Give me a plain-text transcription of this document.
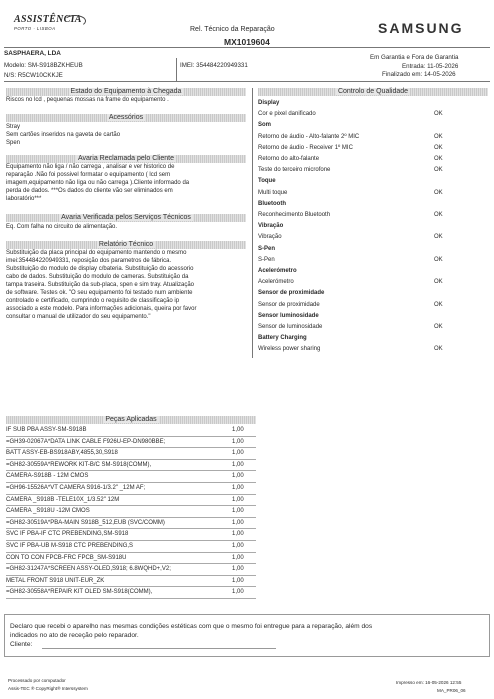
ASSISTÊNCIA
PORTO · LISBOA	Rel. Técnico da Reparação
MX1019604
SAMSUNG
SASPHAERA, LDA
Modelo: SM-S918BZKHEUB
N/S: R5CW10CKKJE
IMEI: 354484220949331
Em Garantia e Fora de Garantia
Entrada: 11-05-2026
Finalizado em: 14-05-2026
Estado do Equipamento à Chegada
Riscos no lcd , pequenas mossas na frame do equipamento .
Acessórios
Stray
Sem cartões inseridos na gaveta de cartão
Spen
Avaria Reclamada pelo Cliente
Equipamento não liga / não carrega , analisar e ver historico de
reparação .Não foi possivel formatar o equipamento ( lcd sem
imagem,equipamento não liga ou não carrega ).Cliente informado da
perda de dados. ***Os dados do cliente vão ser eliminados em
laboratório***
Avaria Verificada pelos Serviços Técnicos
Eq. Com falha no circuito de alimentação.
Relatório Técnico
Substituição da placa principal do equipamento mantendo o mesmo
imei:354484220949331, reposição dos parametros de fábrica.
Substituição do modulo de display c/bateria. Substituição do acessorio
cabo de dados. Substituição do modulo de cameras. Substituição da
tampa traseira. Substituição da sub-placa, spen e sim tray. Atualização
de software. Testes ok. "O seu equipamento foi testado num ambiente
controlado e certificado, cumprindo o requisito de classificação ip
associado a este modelo. Para informações adicionais, queira por favor
consultar o manual de utilizador do seu equipamento."
Controlo de Qualidade
Display
Cor e pixel danificado	OK
Som
Retorno de áudio - Alto-falante 2º MIC	OK
Retorno de áudio - Receiver 1º MIC	OK
Retorno do alto-falante	OK
Teste do terceiro microfone	OK
Toque
Multi toque	OK
Bluetooth
Reconhecimento Bluetooth	OK
Vibração
Vibração	OK
S-Pen
S-Pen	OK
Acelerómetro
Acelerómetro	OK
Sensor de proximidade
Sensor de proximidade	OK
Sensor luminosidade
Sensor de luminosidade	OK
Battery Charging
Wireless power sharing	OK
Peças Aplicadas
IF SUB PBA ASSY-SM-S918B	1,00
=GH39-02067A*DATA LINK CABLE F926U-EP-DN980BBE;	1,00
BATT ASSY-EB-BS918ABY,4855,30,S918	1,00
=GH82-30559A*REWORK KIT-B/C SM-S918(COMM),	1,00
CAMERA-S918B - 12M CMOS	1,00
=GH96-15526A*VT CAMERA S916-1/3.2" _12M AF;	1,00
CAMERA _S918B -TELE10X_1/3.52" 12M	1,00
CAMERA _S918U -12M CMOS	1,00
=GH82-30519A*PBA-MAIN S918B_512,EUB (SVC/COMM)	1,00
SVC IF PBA-IF CTC PREBENDING,SM-S918	1,00
SVC IF PBA-UB M-S918 CTC PREBENDING,S	1,00
CON TO CON FPCB-FRC FPCB_SM-S918U	1,00
=GH82-31247A*SCREEN ASSY-OLED,S918; 6.8WQHD+,V2;	1,00
METAL FRONT S918 UNIT-EUR_ZK	1,00
=GH82-30558A*REPAIR KIT OLED SM-S918(COMM),	1,00
Declaro que recebi o aparelho nas mesmas condições estéticas com que o mesmo foi entregue para a reparação, além dos
indicados no ato de receção pelo reparador.
Cliente:
Processado por computador
Assis-TEC ® CopyRight® Interssystem
Impresso em: 16-05-2026 12:55
MA_PR06_06
